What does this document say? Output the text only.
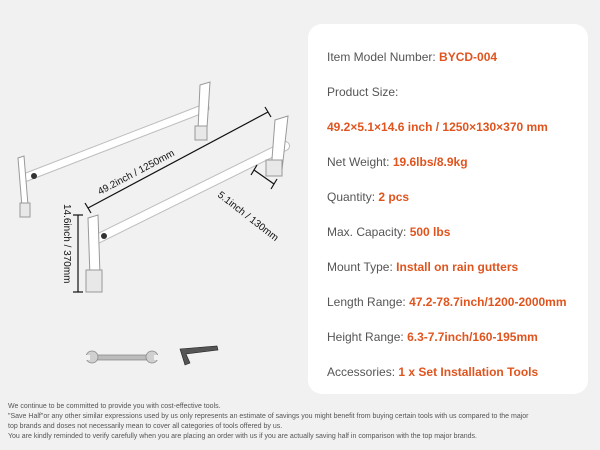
49.2inch / 1250mm
5.1inch / 130mm
14.6inch / 370mm
Item Model Number: BYCD-004
Product Size:
49.2×5.1×14.6 inch / 1250×130×370 mm
Net Weight: 19.6lbs/8.9kg
Quantity: 2 pcs
Max. Capacity: 500 lbs
Mount Type: Install on rain gutters
Length Range: 47.2-78.7inch/1200-2000mm
Height Range: 6.3-7.7inch/160-195mm
Accessories: 1 x Set Installation Tools
We continue to be committed to provide you with cost-effective tools.
"Save Half"or any other similar expressions used by us only represents an estimate of savings you might benefit from buying certain tools with us compared to the major
top brands and doses not necessarily mean to cover all categories of tools offered by us.
You are kindly reminded to verify carefully when you are placing an order with us if you are actually saving half in comparison with the top major brands.
